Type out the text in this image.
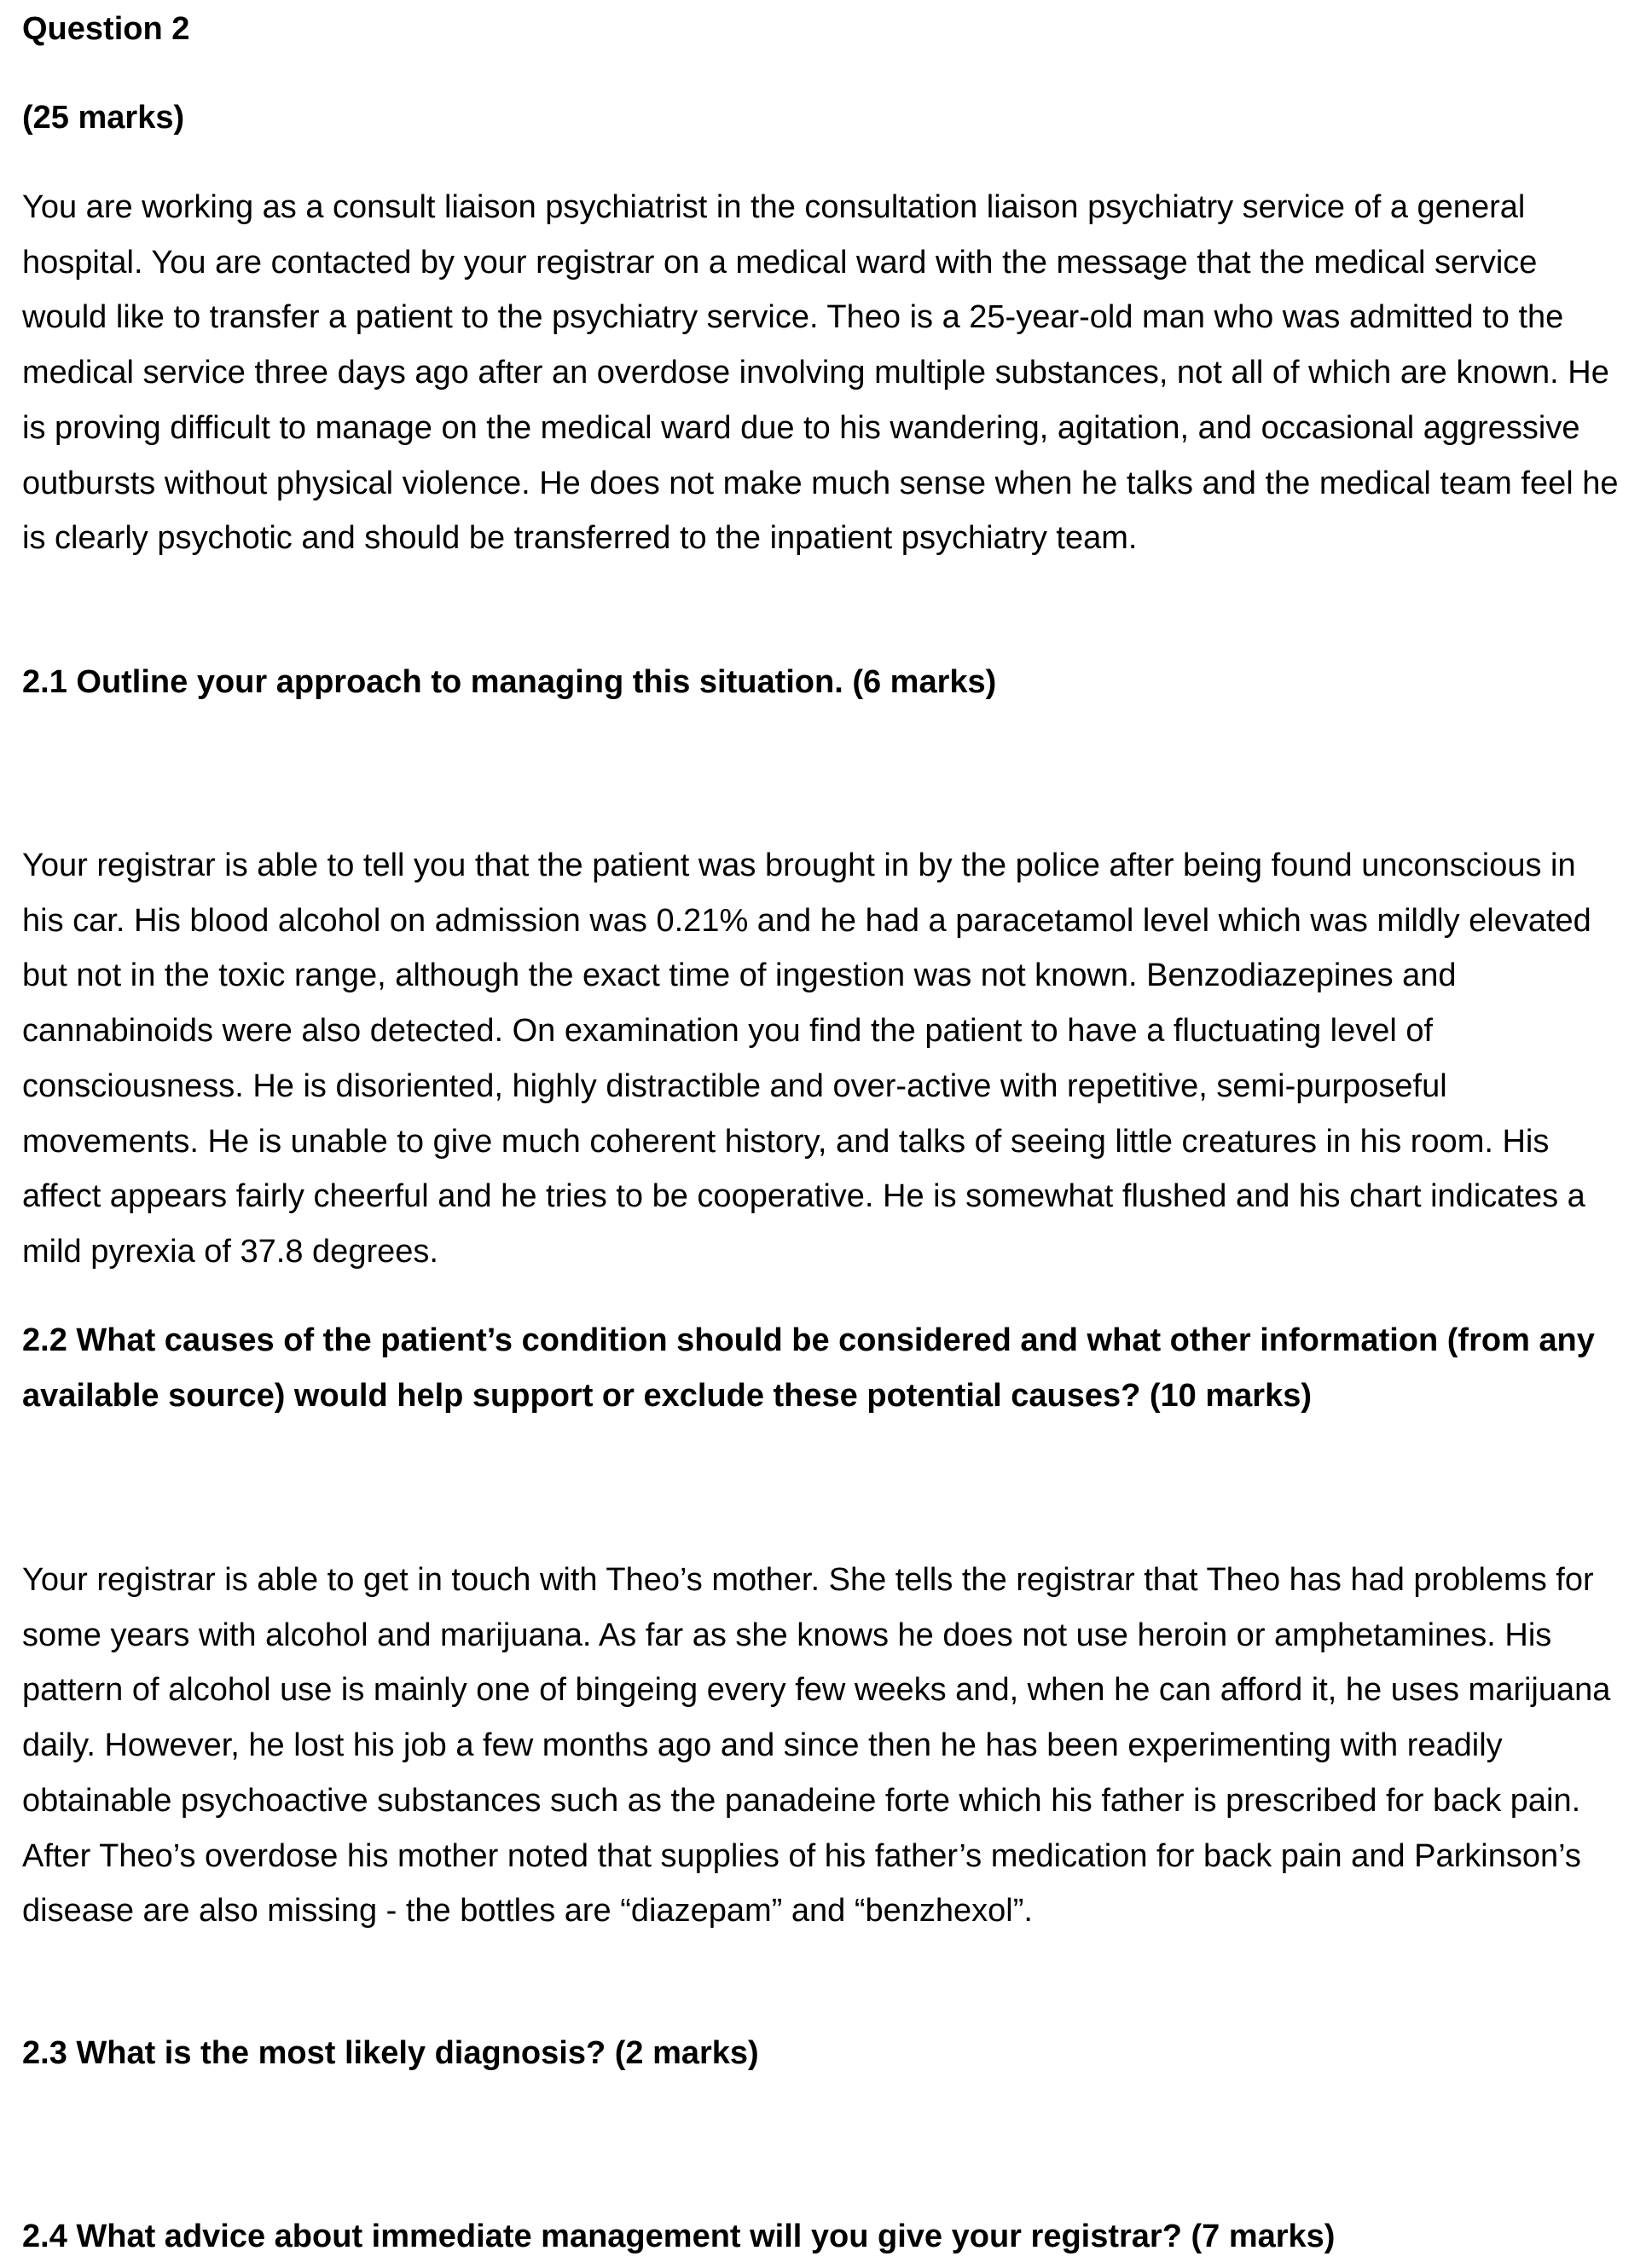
Question 2

(25 marks)

You are working as a consult liaison psychiatrist in the consultation liaison psychiatry service of a general hospital. You are contacted by your registrar on a medical ward with the message that the medical service would like to transfer a patient to the psychiatry service. Theo is a 25-year-old man who was admitted to the medical service three days ago after an overdose involving multiple substances, not all of which are known. He is proving difficult to manage on the medical ward due to his wandering, agitation, and occasional aggressive outbursts without physical violence. He does not make much sense when he talks and the medical team feel he is clearly psychotic and should be transferred to the inpatient psychiatry team.

2.1 Outline your approach to managing this situation. (6 marks)

Your registrar is able to tell you that the patient was brought in by the police after being found unconscious in his car. His blood alcohol on admission was 0.21% and he had a paracetamol level which was mildly elevated but not in the toxic range, although the exact time of ingestion was not known. Benzodiazepines and cannabinoids were also detected. On examination you find the patient to have a fluctuating level of consciousness. He is disoriented, highly distractible and over-active with repetitive, semi-purposeful movements. He is unable to give much coherent history, and talks of seeing little creatures in his room. His affect appears fairly cheerful and he tries to be cooperative. He is somewhat flushed and his chart indicates a mild pyrexia of 37.8 degrees.

2.2 What causes of the patient’s condition should be considered and what other information (from any available source) would help support or exclude these potential causes? (10 marks)

Your registrar is able to get in touch with Theo’s mother. She tells the registrar that Theo has had problems for some years with alcohol and marijuana. As far as she knows he does not use heroin or amphetamines. His pattern of alcohol use is mainly one of bingeing every few weeks and, when he can afford it, he uses marijuana daily. However, he lost his job a few months ago and since then he has been experimenting with readily obtainable psychoactive substances such as the panadeine forte which his father is prescribed for back pain. After Theo’s overdose his mother noted that supplies of his father’s medication for back pain and Parkinson’s disease are also missing - the bottles are “diazepam” and “benzhexol”.

2.3 What is the most likely diagnosis? (2 marks)

2.4 What advice about immediate management will you give your registrar? (7 marks)
